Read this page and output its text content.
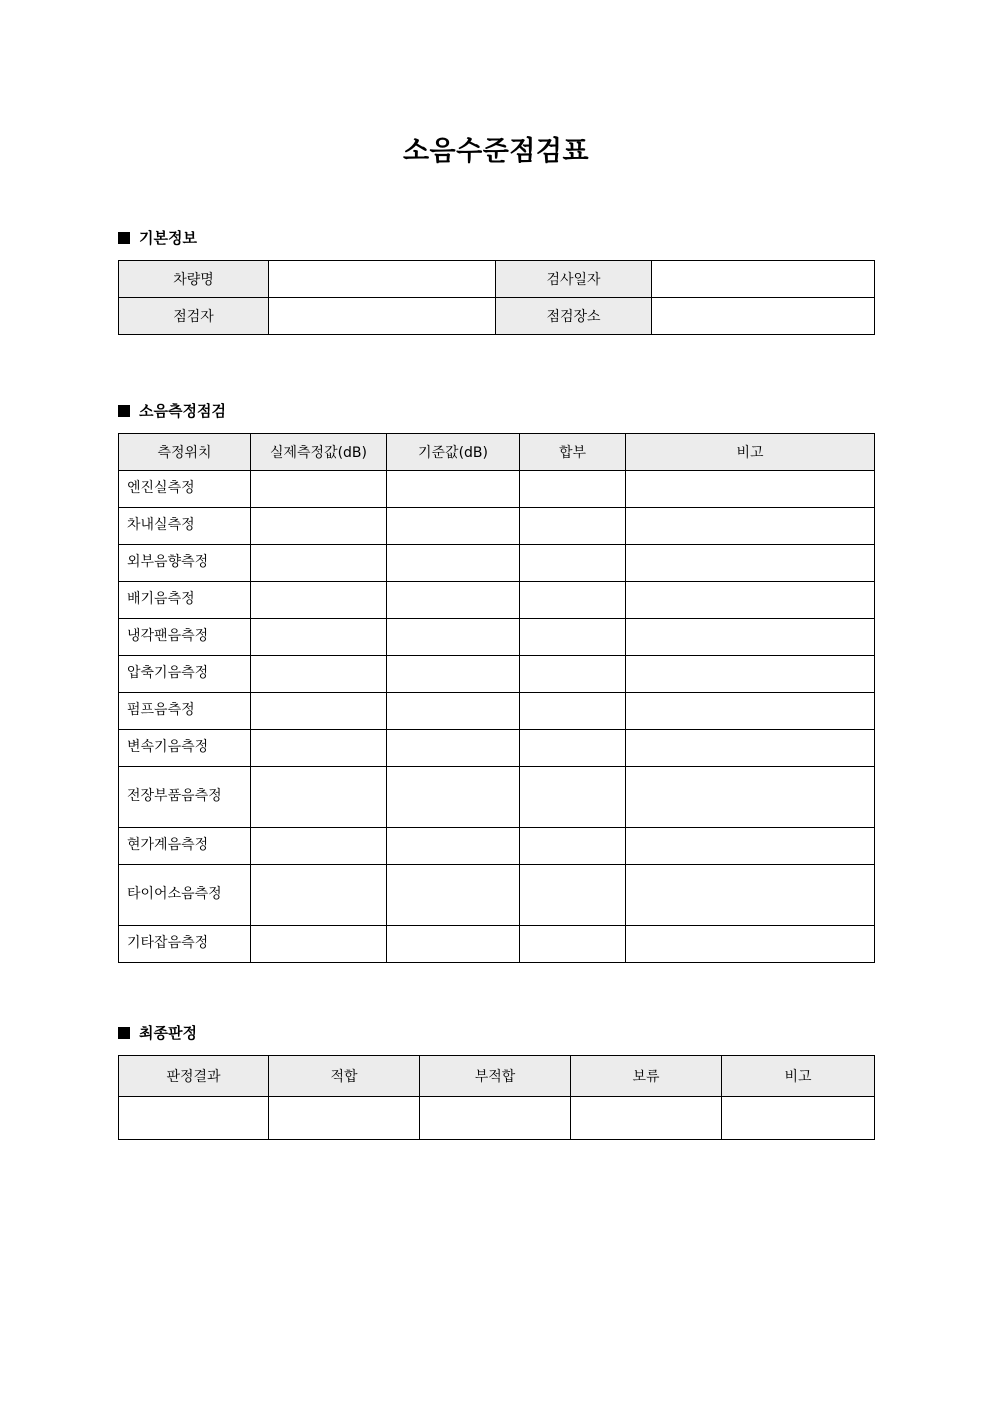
소음수준점검표
기본정보
차량명		검사일자	
점검자		점검장소	
소음측정점검
측정위치	실제측정값(dB)	기준값(dB)	합부	비고
엔진실측정				
차내실측정				
외부음향측정				
배기음측정				
냉각팬음측정				
압축기음측정				
펌프음측정				
변속기음측정				
전장부품음측정				
현가계음측정				
타이어소음측정				
기타잡음측정				
최종판정
판정결과	적합	부적합	보류	비고
